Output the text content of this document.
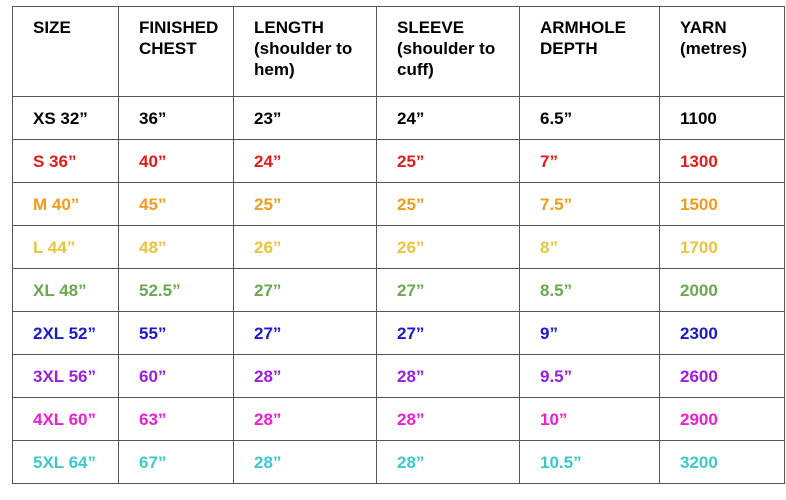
SIZE	FINISHED CHEST	LENGTH (shoulder to hem)	SLEEVE (shoulder to cuff)	ARMHOLE DEPTH	YARN (metres)
XS 32”	36”	23”	24”	6.5”	1100
S 36”	40”	24”	25”	7”	1300
M 40”	45”	25”	25”	7.5”	1500
L 44”	48”	26”	26”	8”	1700
XL 48”	52.5”	27”	27”	8.5”	2000
2XL 52”	55”	27”	27”	9”	2300
3XL 56”	60”	28”	28”	9.5”	2600
4XL 60”	63”	28”	28”	10”	2900
5XL 64”	67”	28”	28”	10.5”	3200
